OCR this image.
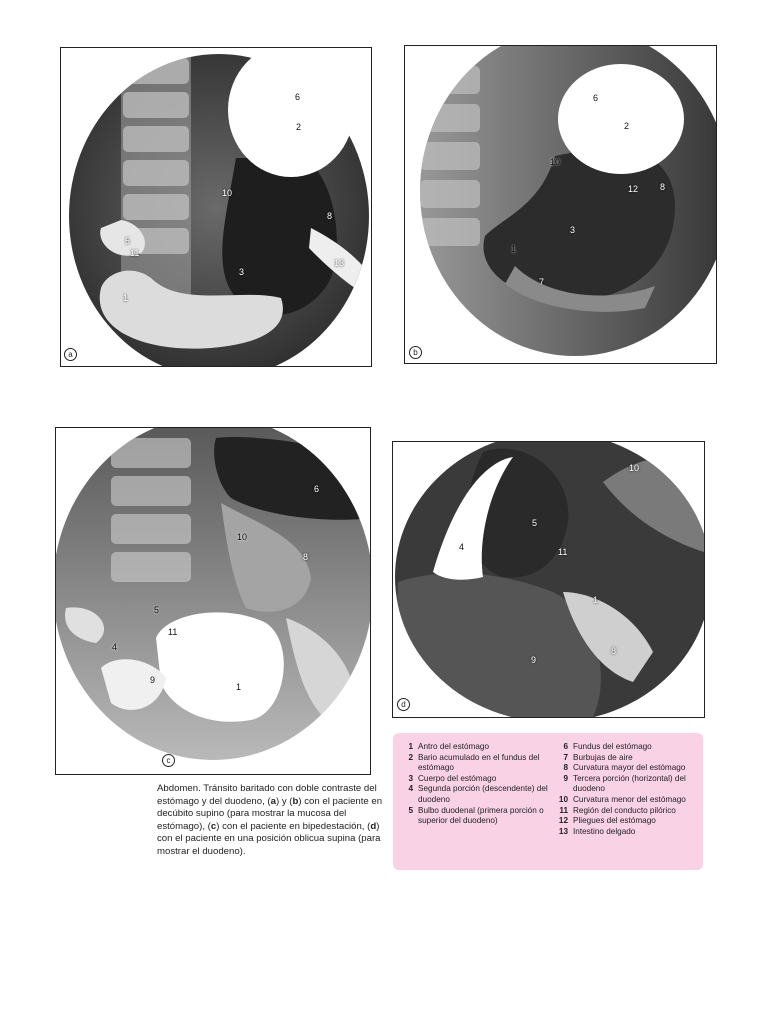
6
2
10
8
5
11
3
13
1
a
6
2
10
12 8
3
1
7
b
6
10
8
5
11
4
9
1
c
10
5
4	11
1
8
9
d
Abdomen. Tránsito baritado con doble contraste del estómago y del duodeno, (a) y (b) con el paciente en decúbito supino (para mostrar la mucosa del estómago), (c) con el paciente en bipedestación, (d) con el paciente en una posición oblicua supina (para mostrar el duodeno).
1 Antro del estómago
2 Bario acumulado en el fundus del estómago
3 Cuerpo del estómago
4 Segunda porción (descendente) del duodeno
5 Bulbo duodenal (primera porción o superior del duodeno)
6 Fundus del estómago
7 Burbujas de aire
8 Curvatura mayor del estómago
9 Tercera porción (horizontal) del duodeno
10 Curvatura menor del estómago
11 Región del conducto pilórico
12 Pliegues del estómago
13 Intestino delgado
